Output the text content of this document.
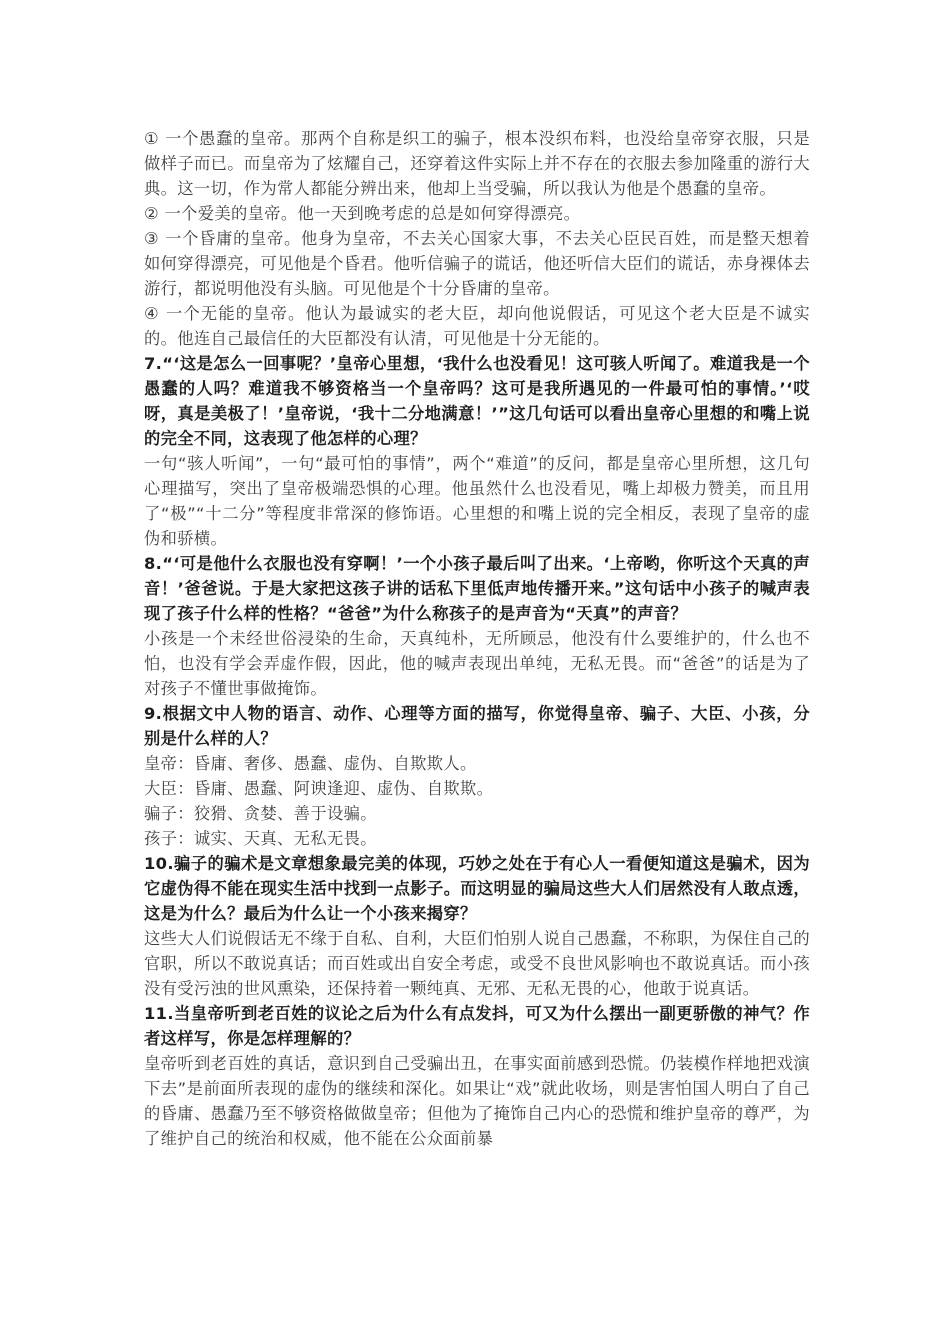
① 一个愚蠢的皇帝。那两个自称是织工的骗子，根本没织布料，也没给皇帝穿衣服，只是做样子而已。而皇帝为了炫耀自己，还穿着这件实际上并不存在的衣服去参加隆重的游行大典。这一切，作为常人都能分辨出来，他却上当受骗，所以我认为他是个愚蠢的皇帝。

② 一个爱美的皇帝。他一天到晚考虑的总是如何穿得漂亮。

③ 一个昏庸的皇帝。他身为皇帝，不去关心国家大事，不去关心臣民百姓，而是整天想着如何穿得漂亮，可见他是个昏君。他听信骗子的谎话，他还听信大臣们的谎话，赤身裸体去游行，都说明他没有头脑。可见他是个十分昏庸的皇帝。

④ 一个无能的皇帝。他认为最诚实的老大臣，却向他说假话，可见这个老大臣是不诚实的。他连自己最信任的大臣都没有认清，可见他是十分无能的。

7.“‘这是怎么一回事呢？’皇帝心里想，‘我什么也没看见！这可骇人听闻了。难道我是一个愚蠢的人吗？难道我不够资格当一个皇帝吗？这可是我所遇见的一件最可怕的事情。’‘哎呀，真是美极了！’皇帝说，‘我十二分地满意！’”这几句话可以看出皇帝心里想的和嘴上说的完全不同，这表现了他怎样的心理？

一句“骇人听闻”，一句“最可怕的事情”，两个“难道”的反问，都是皇帝心里所想，这几句心理描写，突出了皇帝极端恐惧的心理。他虽然什么也没看见，嘴上却极力赞美，而且用了“极”“十二分”等程度非常深的修饰语。心里想的和嘴上说的完全相反，表现了皇帝的虚伪和骄横。

8.“‘可是他什么衣服也没有穿啊！’一个小孩子最后叫了出来。‘上帝哟，你听这个天真的声音！’爸爸说。于是大家把这孩子讲的话私下里低声地传播开来。”这句话中小孩子的喊声表现了孩子什么样的性格？“爸爸”为什么称孩子的是声音为“天真”的声音？

小孩是一个未经世俗浸染的生命，天真纯朴，无所顾忌，他没有什么要维护的，什么也不怕，也没有学会弄虚作假，因此，他的喊声表现出单纯，无私无畏。而“爸爸”的话是为了对孩子不懂世事做掩饰。

9.根据文中人物的语言、动作、心理等方面的描写，你觉得皇帝、骗子、大臣、小孩，分别是什么样的人？

皇帝：昏庸、奢侈、愚蠢、虚伪、自欺欺人。

大臣：昏庸、愚蠢、阿谀逢迎、虚伪、自欺欺。

骗子：狡猾、贪婪、善于设骗。

孩子：诚实、天真、无私无畏。

10.骗子的骗术是文章想象最完美的体现，巧妙之处在于有心人一看便知道这是骗术，因为它虚伪得不能在现实生活中找到一点影子。而这明显的骗局这些大人们居然没有人敢点透，这是为什么？最后为什么让一个小孩来揭穿？

这些大人们说假话无不缘于自私、自利，大臣们怕别人说自己愚蠢，不称职，为保住自己的官职，所以不敢说真话；而百姓或出自安全考虑，或受不良世风影响也不敢说真话。而小孩没有受污浊的世风熏染，还保持着一颗纯真、无邪、无私无畏的心，他敢于说真话。

11.当皇帝听到老百姓的议论之后为什么有点发抖，可又为什么摆出一副更骄傲的神气？作者这样写，你是怎样理解的？

皇帝听到老百姓的真话，意识到自己受骗出丑，在事实面前感到恐慌。仍装模作样地把戏演下去”是前面所表现的虚伪的继续和深化。如果让“戏”就此收场，则是害怕国人明白了自己的昏庸、愚蠢乃至不够资格做做皇帝；但他为了掩饰自己内心的恐慌和维护皇帝的尊严，为了维护自己的统治和权威，他不能在公众面前暴
